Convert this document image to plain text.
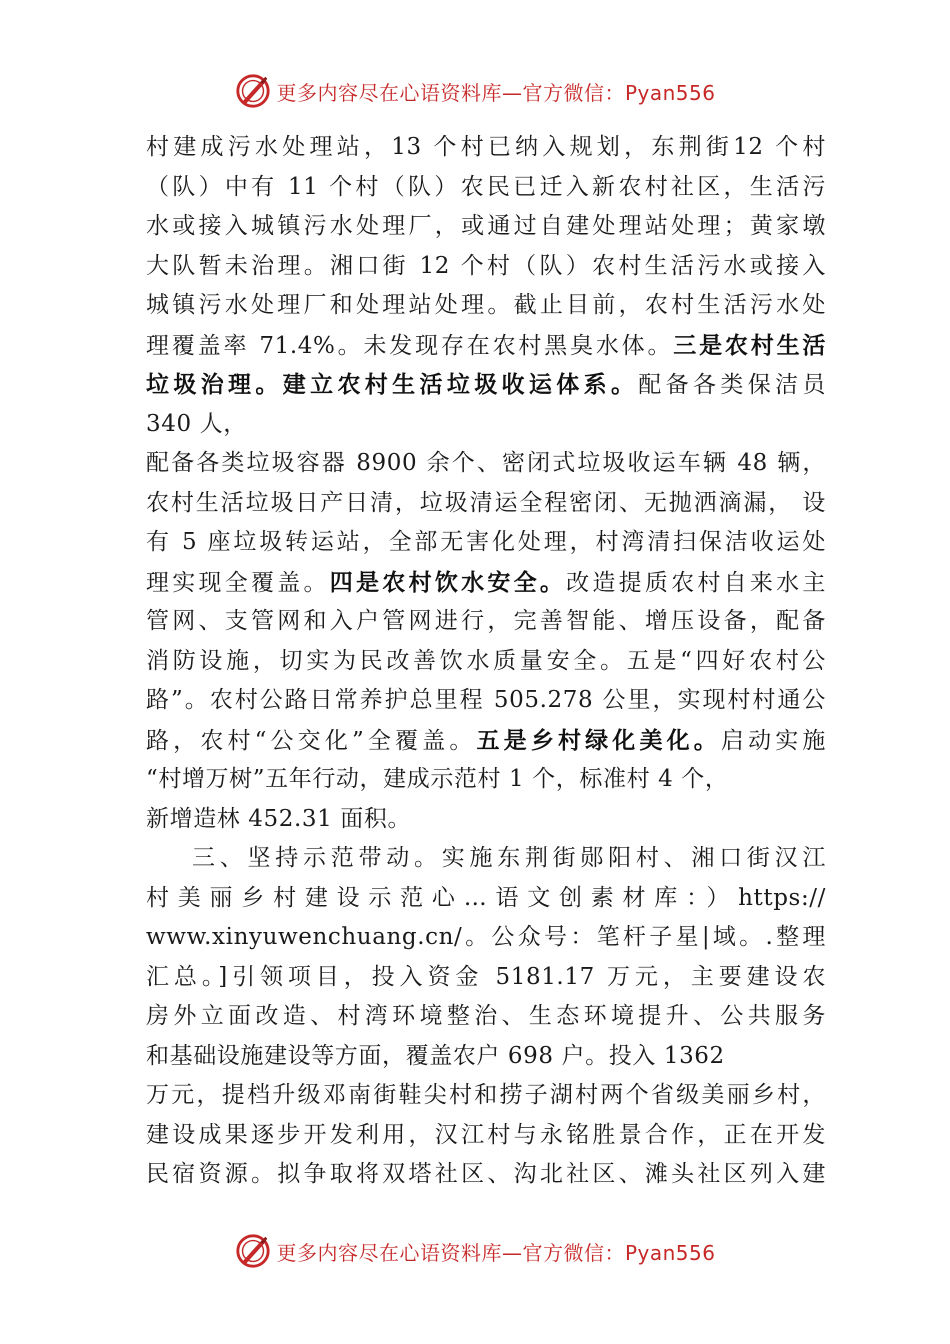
更多内容尽在心语资料库—官方微信：Pyan556
村建成污水处理站，13 个村已纳入规划，东荆街12 个村
（队）中有 11 个村（队）农民已迁入新农村社区，生活污
水或接入城镇污水处理厂，或通过自建处理站处理；黄家墩
大队暂未治理。湘口街 12 个村（队）农村生活污水或接入
城镇污水处理厂和处理站处理。截止目前，农村生活污水处
理覆盖率 71.4%。未发现存在农村黑臭水体。三是农村生活
垃圾治理。建立农村生活垃圾收运体系。配备各类保洁员
340 人，
配备各类垃圾容器 8900 余个、密闭式垃圾收运车辆 48 辆，
农村生活垃圾日产日清，垃圾清运全程密闭、无抛洒滴漏， 设
有 5 座垃圾转运站，全部无害化处理，村湾清扫保洁收运处
理实现全覆盖。四是农村饮水安全。改造提质农村自来水主
管网、支管网和入户管网进行，完善智能、增压设备，配备
消防设施，切实为民改善饮水质量安全。五是“四好农村公
路”。农村公路日常养护总里程 505.278 公里，实现村村通公
路，农村“公交化”全覆盖。五是乡村绿化美化。启动实施
“村增万树”五年行动，建成示范村 1 个，标准村 4 个，
新增造林 452.31 面积。
三、坚持示范带动。实施东荆街郧阳村、湘口街汉江
村美丽乡村建设示范心…语文创素材库：）https://
www.xinyuwenchuang.cn/。公众号：笔杆子星|域。.整理
汇总。]引领项目，投入资金 5181.17 万元，主要建设农
房外立面改造、村湾环境整治、生态环境提升、公共服务
和基础设施建设等方面，覆盖农户 698 户。投入 1362
万元，提档升级邓南街鞋尖村和捞子湖村两个省级美丽乡村，
建设成果逐步开发利用，汉江村与永铭胜景合作，正在开发
民宿资源。拟争取将双塔社区、沟北社区、滩头社区列入建
更多内容尽在心语资料库—官方微信：Pyan556
